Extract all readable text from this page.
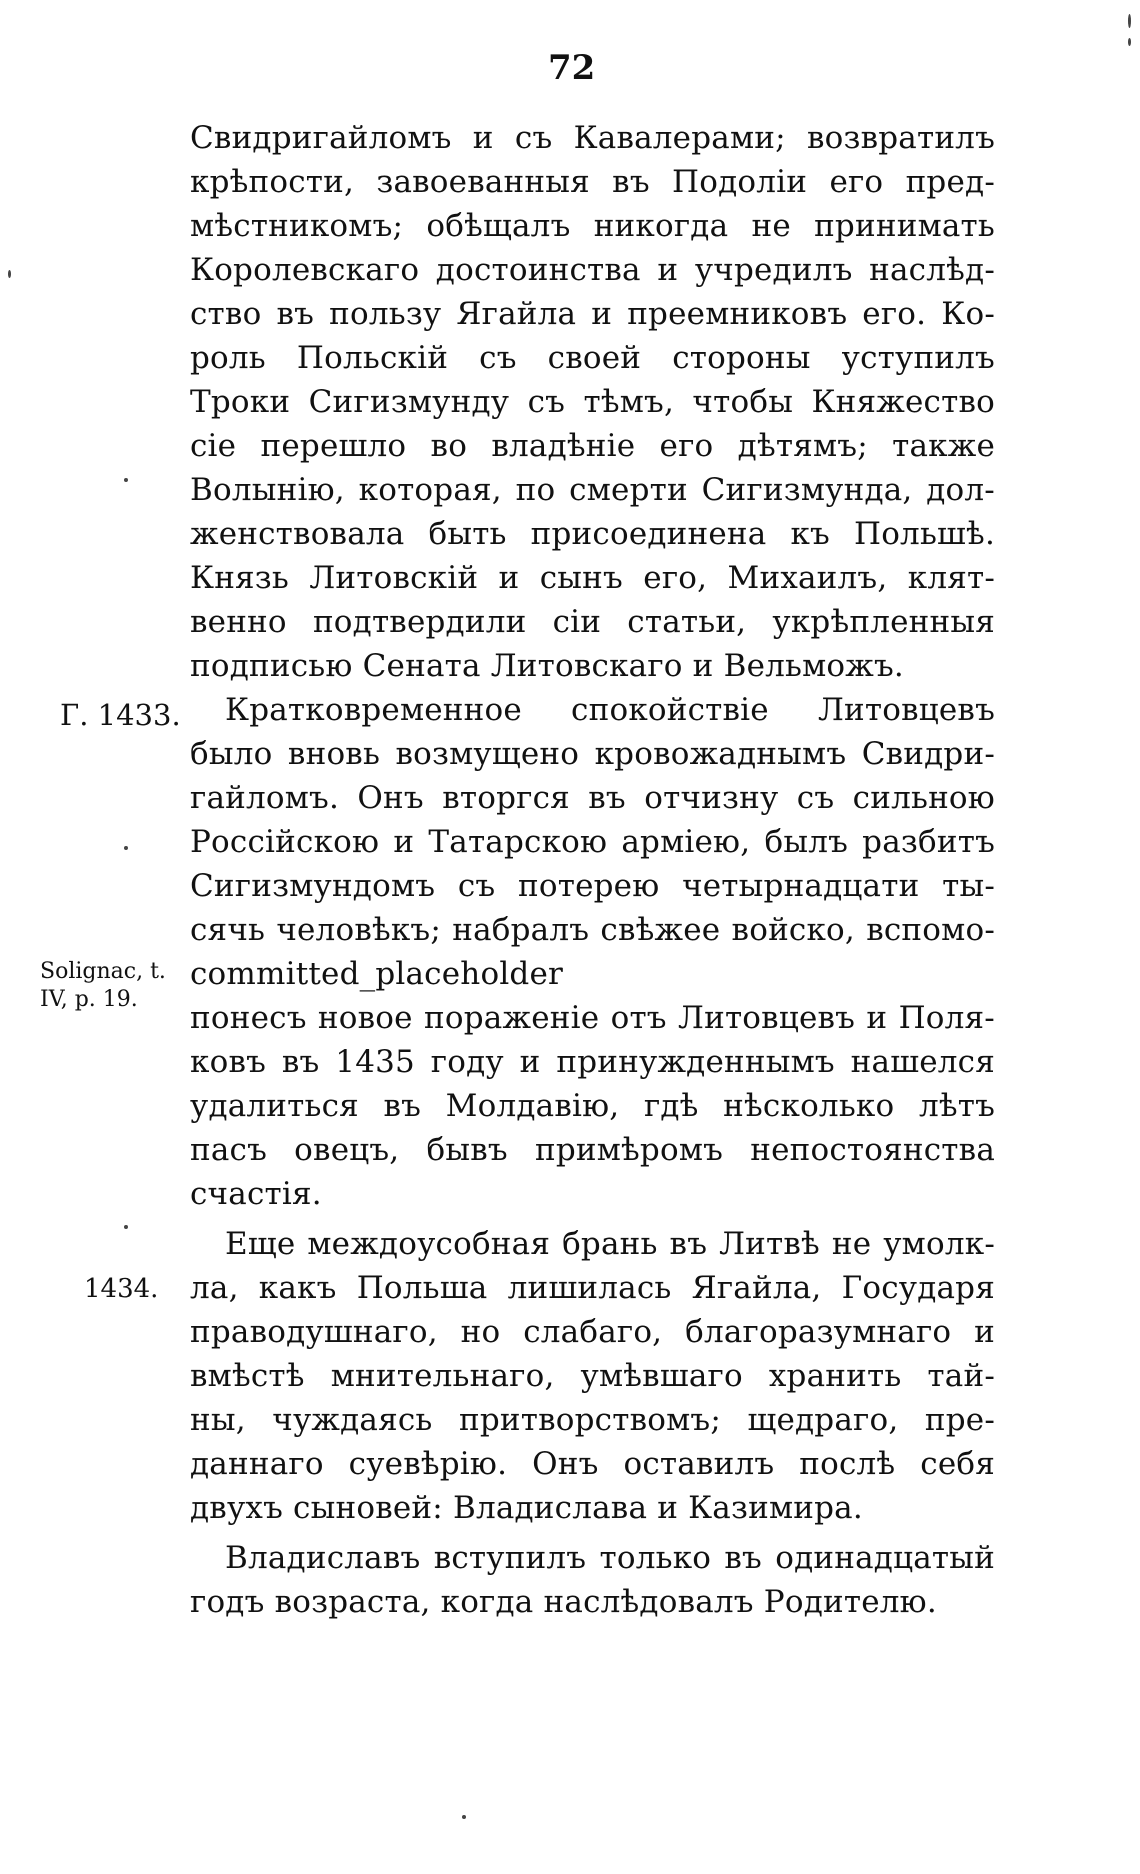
72
Г. 1433.
Solignac, t.
IV, p. 19.
1434.
Свидригайломъ и съ Кавалерами; возвратилъ
крѣпости, завоеванныя въ Подоліи его пред-
мѣстникомъ; обѣщалъ никогда не принимать
Королевскаго достоинства и учредилъ наслѣд-
ство въ пользу Ягайла и преемниковъ его. Ко-
роль Польскій съ своей стороны уступилъ
Троки Сигизмунду съ тѣмъ, чтобы Княжество
сіе перешло во владѣніе его дѣтямъ; также
Волынію, которая, по смерти Сигизмунда, дол-
женствовала быть присоединена къ Польшѣ.
Князь Литовскій и сынъ его, Михаилъ, клят-
венно подтвердили сіи статьи, укрѣпленныя
подписью Сената Литовскаго и Вельможъ.
Кратковременное спокойствіе Литовцевъ
было вновь возмущено кровожаднымъ Свидри-
гайломъ. Онъ вторгся въ отчизну съ сильною
Россійскою и Татарскою арміею, былъ разбитъ
Сигизмундомъ съ потерею четырнадцати ты-
сячь человѣкъ; набралъ свѣжее войско, вспомо-
committed_placeholder
понесъ новое пораженіе отъ Литовцевъ и Поля-
ковъ въ 1435 году и принужденнымъ нашелся
удалиться въ Молдавію, гдѣ нѣсколько лѣтъ
пасъ овецъ, бывъ примѣромъ непостоянства
счастія.
Еще междоусобная брань въ Литвѣ не умолк-
ла, какъ Польша лишилась Ягайла, Государя
праводушнаго, но слабаго, благоразумнаго и
вмѣстѣ мнительнаго, умѣвшаго хранить тай-
ны, чуждаясь притворствомъ; щедраго, пре-
даннаго суевѣрію. Онъ оставилъ послѣ себя
двухъ сыновей: Владислава и Казимира.
Владиславъ вступилъ только въ одинадцатый
годъ возраста, когда наслѣдовалъ Родителю.
